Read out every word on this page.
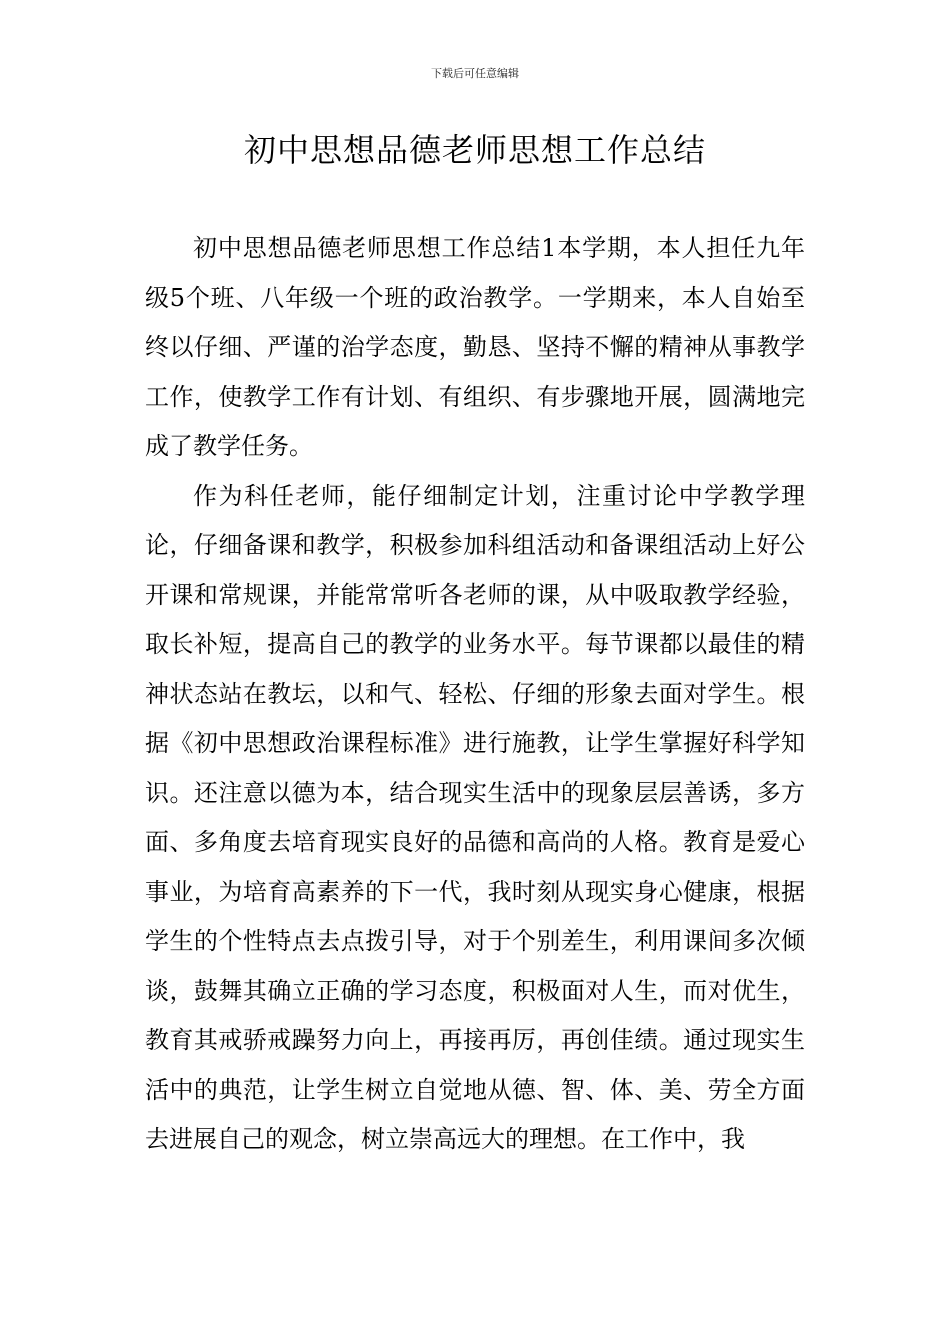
下载后可任意编辑
初中思想品德老师思想工作总结

初中思想品德老师思想工作总结1本学期，本人担任九年级5个班、八年级一个班的政治教学。一学期来，本人自始至终以仔细、严谨的治学态度，勤恳、坚持不懈的精神从事教学工作，使教学工作有计划、有组织、有步骤地开展，圆满地完成了教学任务。

作为科任老师，能仔细制定计划，注重讨论中学教学理论，仔细备课和教学，积极参加科组活动和备课组活动上好公开课和常规课，并能常常听各老师的课，从中吸取教学经验，取长补短，提高自己的教学的业务水平。每节课都以最佳的精神状态站在教坛，以和气、轻松、仔细的形象去面对学生。根据《初中思想政治课程标准》进行施教，让学生掌握好科学知识。还注意以德为本，结合现实生活中的现象层层善诱，多方面、多角度去培育现实良好的品德和高尚的人格。教育是爱心事业，为培育高素养的下一代，我时刻从现实身心健康，根据学生的个性特点去点拨引导，对于个别差生，利用课间多次倾谈，鼓舞其确立正确的学习态度，积极面对人生，而对优生，教育其戒骄戒躁努力向上，再接再厉，再创佳绩。通过现实生活中的典范，让学生树立自觉地从德、智、体、美、劳全方面去进展自己的观念，树立崇高远大的理想。在工作中，我
